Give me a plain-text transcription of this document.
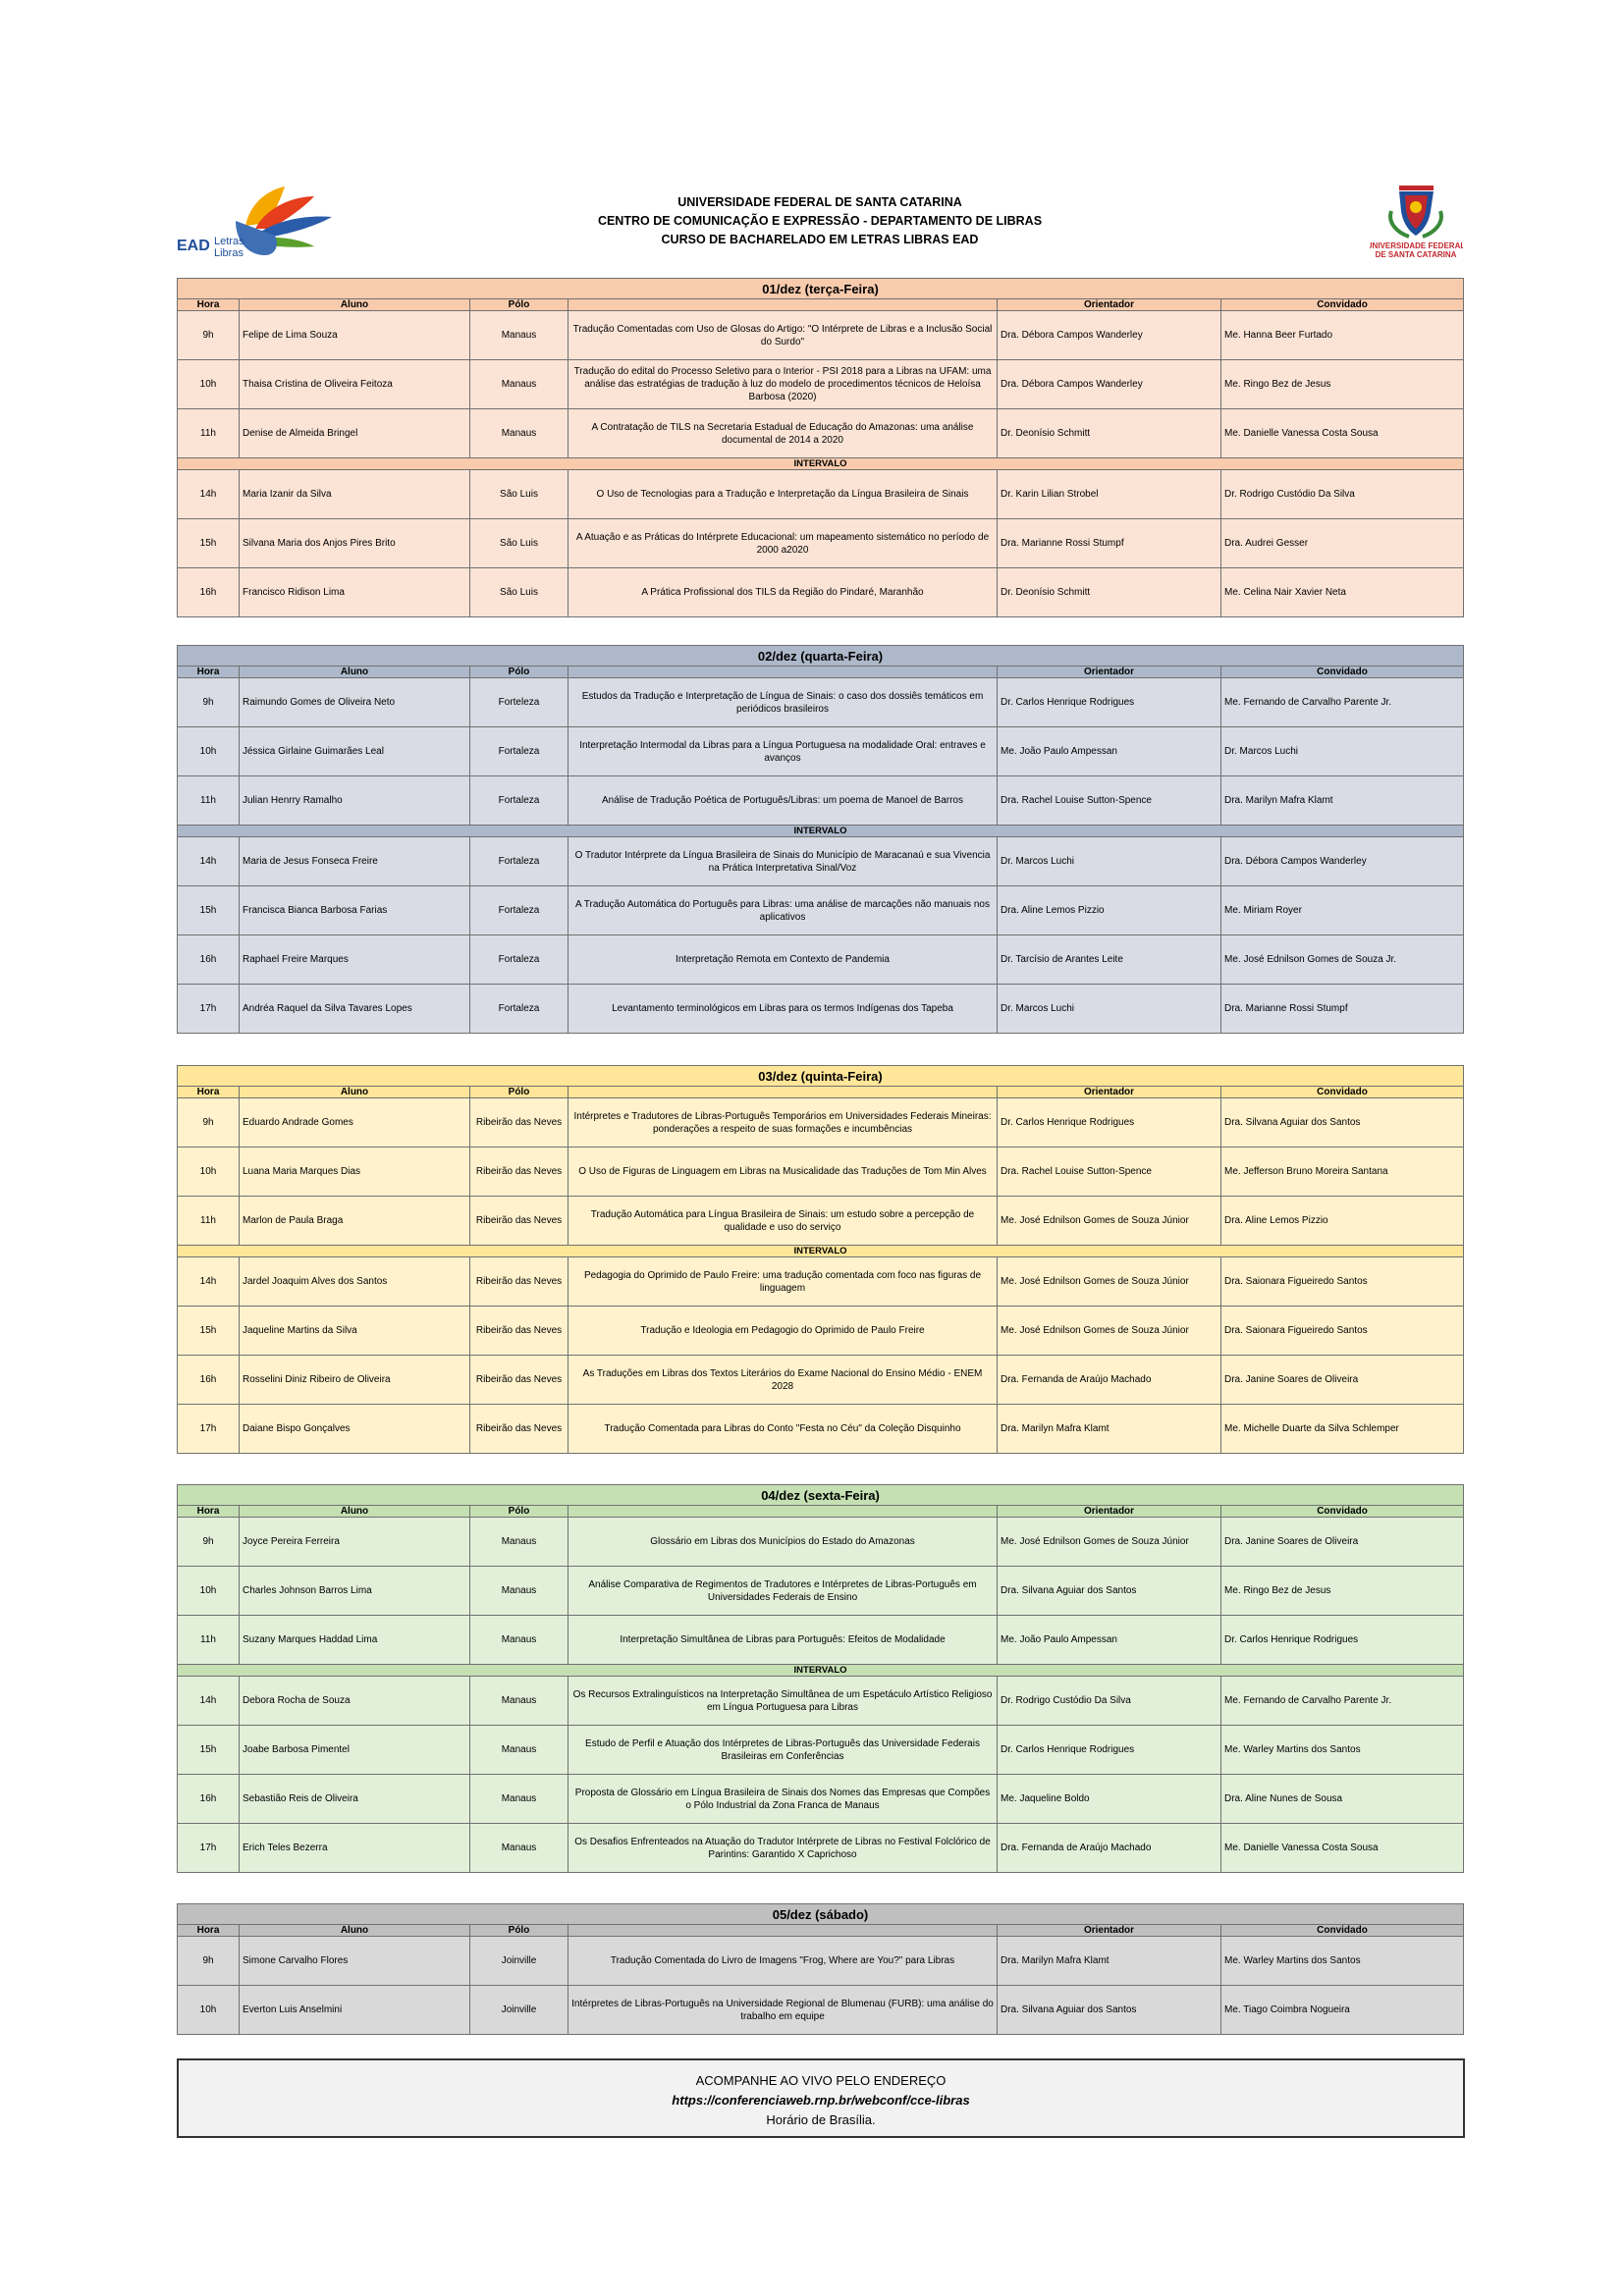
EAD Letras
Libras
UNIVERSIDADE FEDERAL DE SANTA CATARINA
CENTRO DE COMUNICAÇÃO E EXPRESSÃO - DEPARTAMENTO DE LIBRAS
CURSO DE BACHARELADO EM LETRAS LIBRAS EAD	UNIVERSIDADE FEDERAL
DE SANTA CATARINA
01/dez (terça-Feira)					
Hora	Aluno	Pólo		Orientador	Convidado
9h	Felipe de Lima Souza	Manaus	Tradução Comentadas com Uso de Glosas do Artigo: "O Intérprete de Libras e a Inclusão Social do Surdo"	Dra. Débora Campos Wanderley	Me. Hanna Beer Furtado
10h	Thaisa Cristina de Oliveira Feitoza	Manaus	Tradução do edital do Processo Seletivo para o Interior - PSI 2018 para a Libras na UFAM: uma análise das estratégias de tradução à luz do modelo de procedimentos técnicos de Heloísa Barbosa (2020)	Dra. Débora Campos Wanderley	Me. Ringo Bez de Jesus
11h	Denise de Almeida Bringel	Manaus	A Contratação de TILS na Secretaria Estadual de Educação do Amazonas: uma análise documental de 2014 a 2020	Dr. Deonísio Schmitt	Me. Danielle Vanessa Costa Sousa
INTERVALO					
14h	Maria Izanir da Silva	São Luis	O Uso de Tecnologias para a Tradução e Interpretação da Língua Brasileira de Sinais	Dr. Karin Lilian Strobel	Dr. Rodrigo Custódio Da Silva
15h	Silvana Maria dos Anjos Pires Brito	São Luis	A Atuação e as Práticas do Intérprete Educacional: um mapeamento sistemático no período de 2000 a2020	Dra. Marianne Rossi Stumpf	Dra. Audrei Gesser
16h	Francisco Ridison Lima	São Luis	A Prática Profissional dos TILS da Região do Pindaré, Maranhão	Dr. Deonísio Schmitt	Me. Celina Nair Xavier Neta
02/dez (quarta-Feira)					
Hora	Aluno	Pólo		Orientador	Convidado
9h	Raimundo Gomes de Oliveira Neto	Forteleza	Estudos da Tradução e Interpretação de Língua de Sinais: o caso dos dossiês temáticos em periódicos brasileiros	Dr. Carlos Henrique Rodrigues	Me. Fernando de Carvalho Parente Jr.
10h	Jéssica Girlaine Guimarães Leal	Fortaleza	Interpretação Intermodal da Libras para a Língua Portuguesa na modalidade Oral: entraves e avanços	Me. João Paulo Ampessan	Dr. Marcos Luchi
11h	Julian Henrry Ramalho	Fortaleza	Análise de Tradução Poética de Português/Libras: um poema de Manoel de Barros	Dra. Rachel Louise Sutton-Spence	Dra. Marilyn Mafra Klamt
INTERVALO					
14h	Maria de Jesus Fonseca Freire	Fortaleza	O Tradutor Intérprete da Língua Brasileira de Sinais do Município de Maracanaú e sua Vivencia na Prática Interpretativa Sinal/Voz	Dr. Marcos Luchi	Dra. Débora Campos Wanderley
15h	Francisca Bianca Barbosa Farias	Fortaleza	A Tradução Automática do Português para Libras: uma análise de marcações não manuais nos aplicativos	Dra. Aline Lemos Pizzio	Me. Miriam Royer
16h	Raphael Freire Marques	Fortaleza	Interpretação Remota em Contexto de Pandemia	Dr. Tarcísio de Arantes Leite	Me. José Ednilson Gomes de Souza Jr.
17h	Andréa Raquel da Silva Tavares Lopes	Fortaleza	Levantamento terminológicos em Libras para os termos Indígenas dos Tapeba	Dr. Marcos Luchi	Dra. Marianne Rossi Stumpf
03/dez (quinta-Feira)					
Hora	Aluno	Pólo		Orientador	Convidado
9h	Eduardo Andrade Gomes	Ribeirão das Neves	Intérpretes e Tradutores de Libras-Português Temporários em Universidades Federais Mineiras: ponderações a respeito de suas formações e incumbências	Dr. Carlos Henrique Rodrigues	Dra. Silvana Aguiar dos Santos
10h	Luana Maria Marques Dias	Ribeirão das Neves	O Uso de Figuras de Linguagem em Libras na Musicalidade das Traduções de Tom Min Alves	Dra. Rachel Louise Sutton-Spence	Me. Jefferson Bruno Moreira Santana
11h	Marlon de Paula Braga	Ribeirão das Neves	Tradução Automática para Língua Brasileira de Sinais: um estudo sobre a percepção de qualidade e uso do serviço	Me. José Ednilson Gomes de Souza Júnior	Dra. Aline Lemos Pizzio
INTERVALO					
14h	Jardel Joaquim Alves dos Santos	Ribeirão das Neves	Pedagogia do Oprimido de Paulo Freire: uma tradução comentada com foco nas figuras de linguagem	Me. José Ednilson Gomes de Souza Júnior	Dra. Saionara Figueiredo Santos
15h	Jaqueline Martins da Silva	Ribeirão das Neves	Tradução e Ideologia em Pedagogio do Oprimido de Paulo Freire	Me. José Ednilson Gomes de Souza Júnior	Dra. Saionara Figueiredo Santos
16h	Rosselini Diniz Ribeiro de Oliveira	Ribeirão das Neves	As Traduções em Libras dos Textos Literários do Exame Nacional do Ensino Médio - ENEM 2028	Dra. Fernanda de Araújo Machado	Dra. Janine Soares de Oliveira
17h	Daiane Bispo Gonçalves	Ribeirão das Neves	Tradução Comentada para Libras do Conto "Festa no Céu" da Coleção Disquinho	Dra. Marilyn Mafra Klamt	Me. Michelle Duarte da Silva Schlemper
04/dez (sexta-Feira)					
Hora	Aluno	Pólo		Orientador	Convidado
9h	Joyce Pereira Ferreira	Manaus	Glossário em Libras dos Municípios do Estado do Amazonas	Me. José Ednilson Gomes de Souza Júnior	Dra. Janine Soares de Oliveira
10h	Charles Johnson Barros Lima	Manaus	Análise Comparativa de Regimentos de Tradutores e Intérpretes de Libras-Português em Universidades Federais de Ensino	Dra. Silvana Aguiar dos Santos	Me. Ringo Bez de Jesus
11h	Suzany Marques Haddad Lima	Manaus	Interpretação Simultânea de Libras para Português: Efeitos de Modalidade	Me. João Paulo Ampessan	Dr. Carlos Henrique Rodrigues
INTERVALO					
14h	Debora Rocha de Souza	Manaus	Os Recursos Extralinguísticos na Interpretação Simultânea de um Espetáculo Artístico Religioso em Língua Portuguesa para Libras	Dr. Rodrigo Custódio Da Silva	Me. Fernando de Carvalho Parente Jr.
15h	Joabe Barbosa Pimentel	Manaus	Estudo de Perfil e Atuação dos Intérpretes de Libras-Português das Universidade Federais Brasileiras em Conferências	Dr. Carlos Henrique Rodrigues	Me. Warley Martins dos Santos
16h	Sebastião Reis de Oliveira	Manaus	Proposta de Glossário em Língua Brasileira de Sinais dos Nomes das Empresas que Compões o Pólo Industrial da Zona Franca de Manaus	Me. Jaqueline Boldo	Dra. Aline Nunes de Sousa
17h	Erich Teles Bezerra	Manaus	Os Desafios Enfrenteados na Atuação do Tradutor Intérprete de Libras no Festival Folclórico de Parintins: Garantido X Caprichoso	Dra. Fernanda de Araújo Machado	Me. Danielle Vanessa Costa Sousa
05/dez (sábado)					
Hora	Aluno	Pólo		Orientador	Convidado
9h	Simone Carvalho Flores	Joinville	Tradução Comentada do Livro de Imagens "Frog, Where are You?" para Libras	Dra. Marilyn Mafra Klamt	Me. Warley Martins dos Santos
10h	Everton Luis Anselmini	Joinville	Intérpretes de Libras-Português na Universidade Regional de Blumenau (FURB): uma análise do trabalho em equipe	Dra. Silvana Aguiar dos Santos	Me. Tiago Coimbra Nogueira
ACOMPANHE AO VIVO PELO ENDEREÇO
https://conferenciaweb.rnp.br/webconf/cce-libras
Horário de Brasília.
